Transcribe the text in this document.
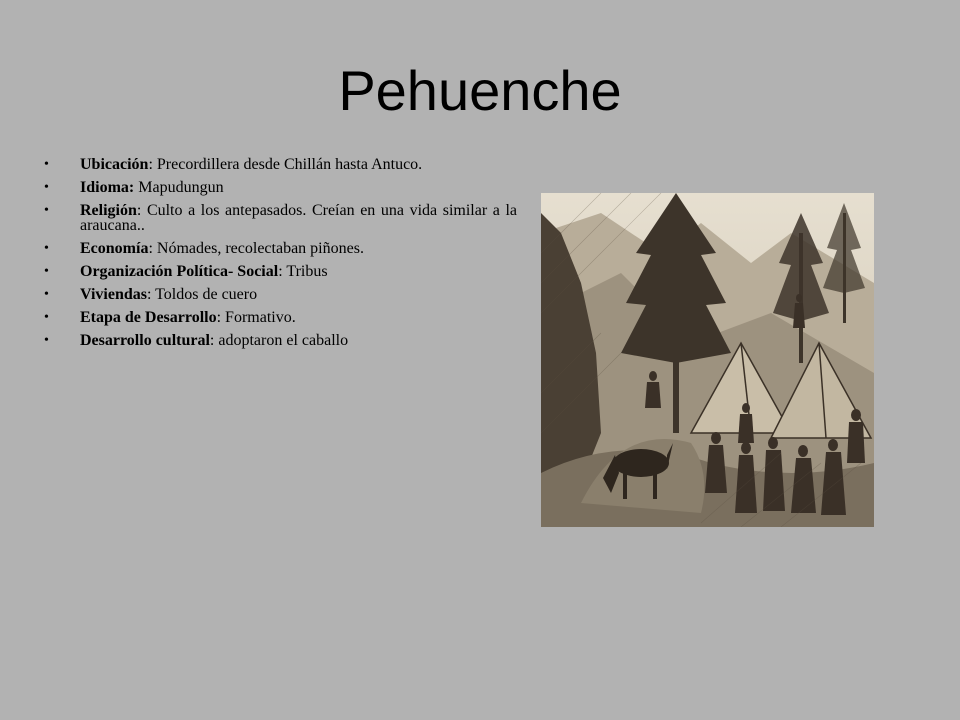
Pehuenche
• Ubicación: Precordillera desde Chillán hasta Antuco.
• Idioma: Mapudungun
• Religión: Culto a los antepasados. Creían en una vida similar a la araucana..
• Economía: Nómades, recolectaban piñones.
• Organización Política- Social: Tribus
• Viviendas: Toldos de cuero
• Etapa de Desarrollo: Formativo.
• Desarrollo cultural: adoptaron el caballo
